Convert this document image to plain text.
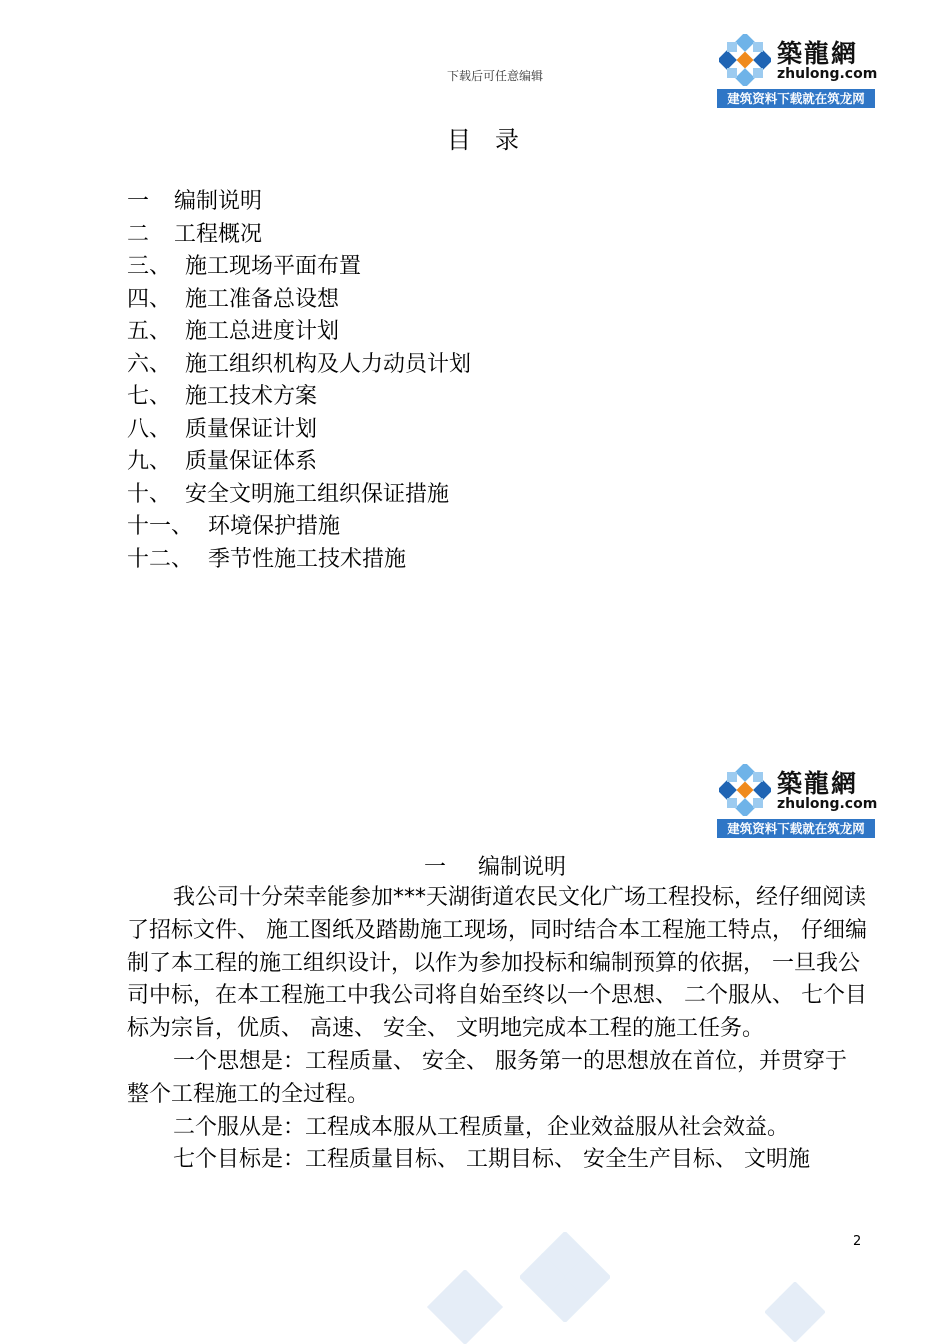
下载后可任意编辑
築龍網
zhulong.com
建筑资料下载就在筑龙网
目录
一 编制说明
二 工程概况
三、 施工现场平面布置
四、 施工准备总设想
五、 施工总进度计划
六、 施工组织机构及人力动员计划
七、 施工技术方案
八、 质量保证计划
九、 质量保证体系
十、 安全文明施工组织保证措施
十一、 环境保护措施
十二、 季节性施工技术措施
築龍網
zhulong.com
建筑资料下载就在筑龙网
一 编制说明

我公司十分荣幸能参加***天湖街道农民文化广场工程投标，经仔细阅读了招标文件、 施工图纸及踏勘施工现场，同时结合本工程施工特点， 仔细编制了本工程的施工组织设计，以作为参加投标和编制预算的依据， 一旦我公司中标，在本工程施工中我公司将自始至终以一个思想、 二个服从、 七个目标为宗旨，优质、 高速、 安全、 文明地完成本工程的施工任务。

一个思想是：工程质量、 安全、 服务第一的思想放在首位，并贯穿于整个工程施工的全过程。

二个服从是：工程成本服从工程质量，企业效益服从社会效益。

七个目标是：工程质量目标、 工期目标、 安全生产目标、 文明施

2
